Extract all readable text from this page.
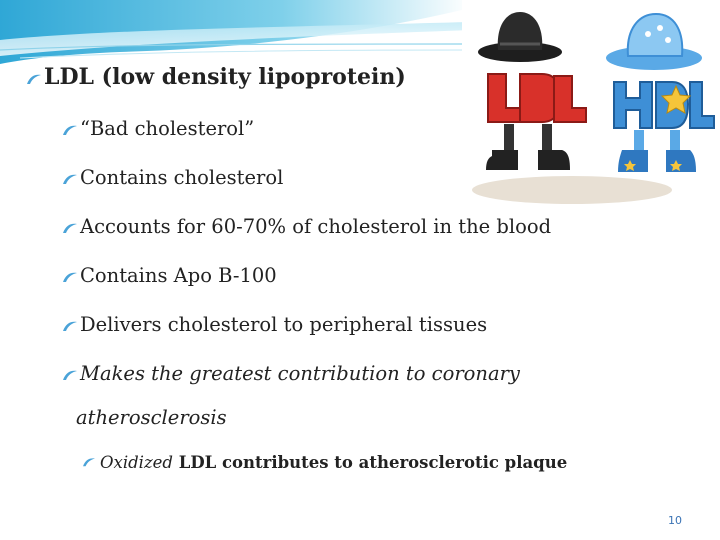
LDL (low density lipoprotein)
“Bad cholesterol”
Contains cholesterol
Accounts for 60-70% of cholesterol in the blood
Contains Apo B-100
Delivers cholesterol to peripheral tissues
Makes the greatest contribution to coronary
atherosclerosis
Oxidized LDL contributes to atherosclerotic plaque
10
